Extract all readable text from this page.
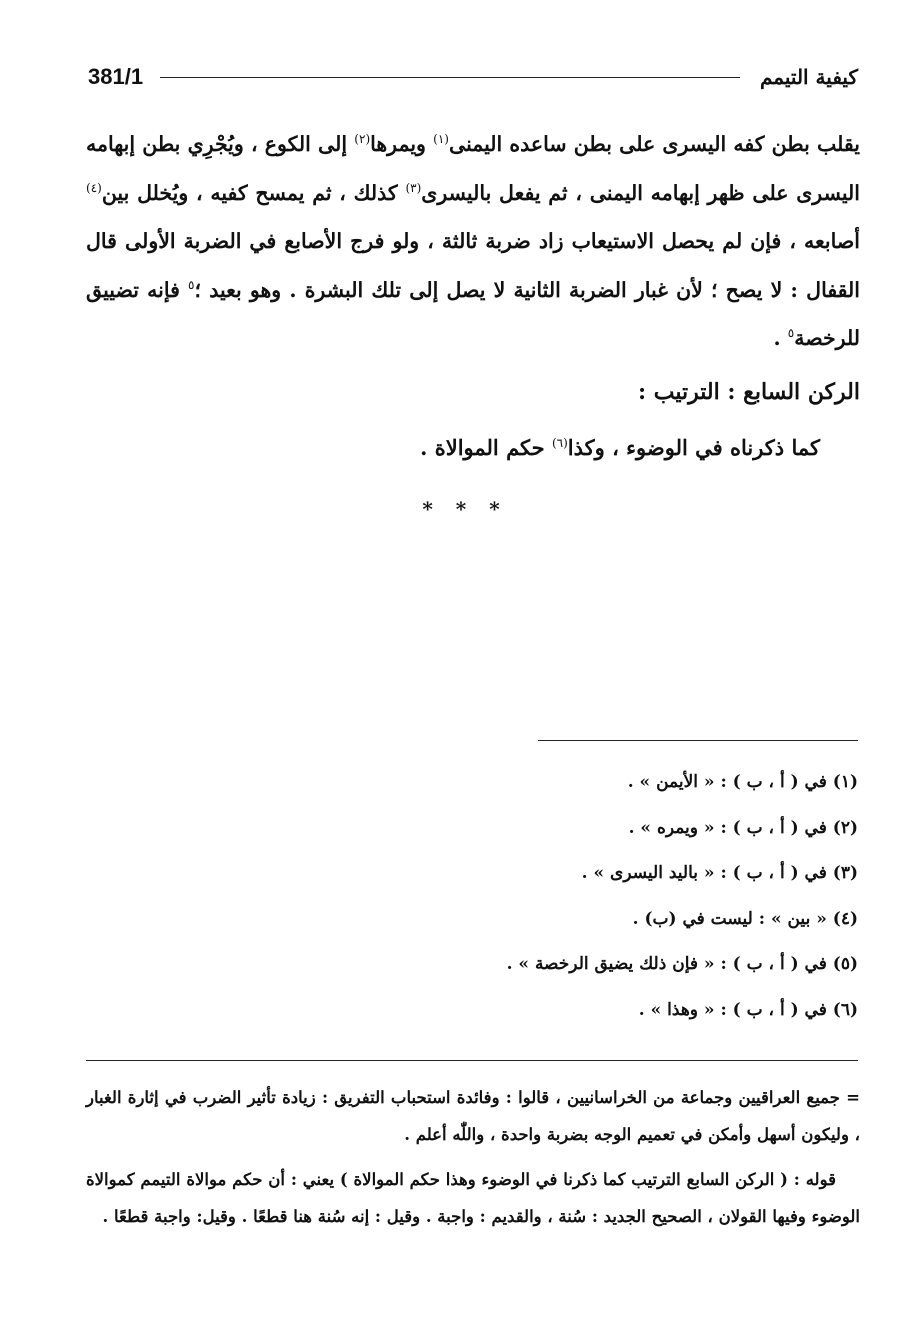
381/1	كيفية التيمم

يقلب بطن كفه اليسرى على بطن ساعده اليمنى$^{(١)}$ ويمرها$^{(٢)}$ إلى الكوع ، ويُجْرِي بطن إبهامه اليسرى على ظهر إبهامه اليمنى ، ثم يفعل باليسرى$^{(٣)}$ كذلك ، ثم يمسح كفيه ، ويُخلل بين$^{(٤)}$ أصابعه ، فإن لم يحصل الاستيعاب زاد ضربة ثالثة ، ولو فرج الأصابع في الضربة الأولى قال القفال : لا يصح ؛ لأن غبار الضربة الثانية لا يصل إلى تلك البشرة . وهو بعيد ؛$^٥$ فإنه تضييق للرخصة$^٥$ .

الركن السابع : الترتيب :

كما ذكرناه في الوضوء ، وكذا$^{(٦)}$ حكم الموالاة .

* * *
(١) في ( أ ، ب ) : « الأيمن » .
(٢) في ( أ ، ب ) : « ويمره » .
(٣) في ( أ ، ب ) : « باليد اليسرى » .
(٤) « بين » : ليست في (ب) .
(٥) في ( أ ، ب ) : « فإن ذلك يضيق الرخصة » .
(٦) في ( أ ، ب ) : « وهذا » .

= جميع العراقيين وجماعة من الخراسانيين ، قالوا : وفائدة استحباب التفريق : زيادة تأثير الضرب في إثارة الغبار ، وليكون أسهل وأمكن في تعميم الوجه بضربة واحدة ، واللّٰه أعلم .

قوله : ( الركن السابع الترتيب كما ذكرنا في الوضوء وهذا حكم الموالاة ) يعني : أن حكم موالاة التيمم كموالاة الوضوء وفيها القولان ، الصحيح الجديد : سُنة ، والقديم : واجبة . وقيل : إنه سُنة هنا قطعًا . وقيل: واجبة قطعًا .
